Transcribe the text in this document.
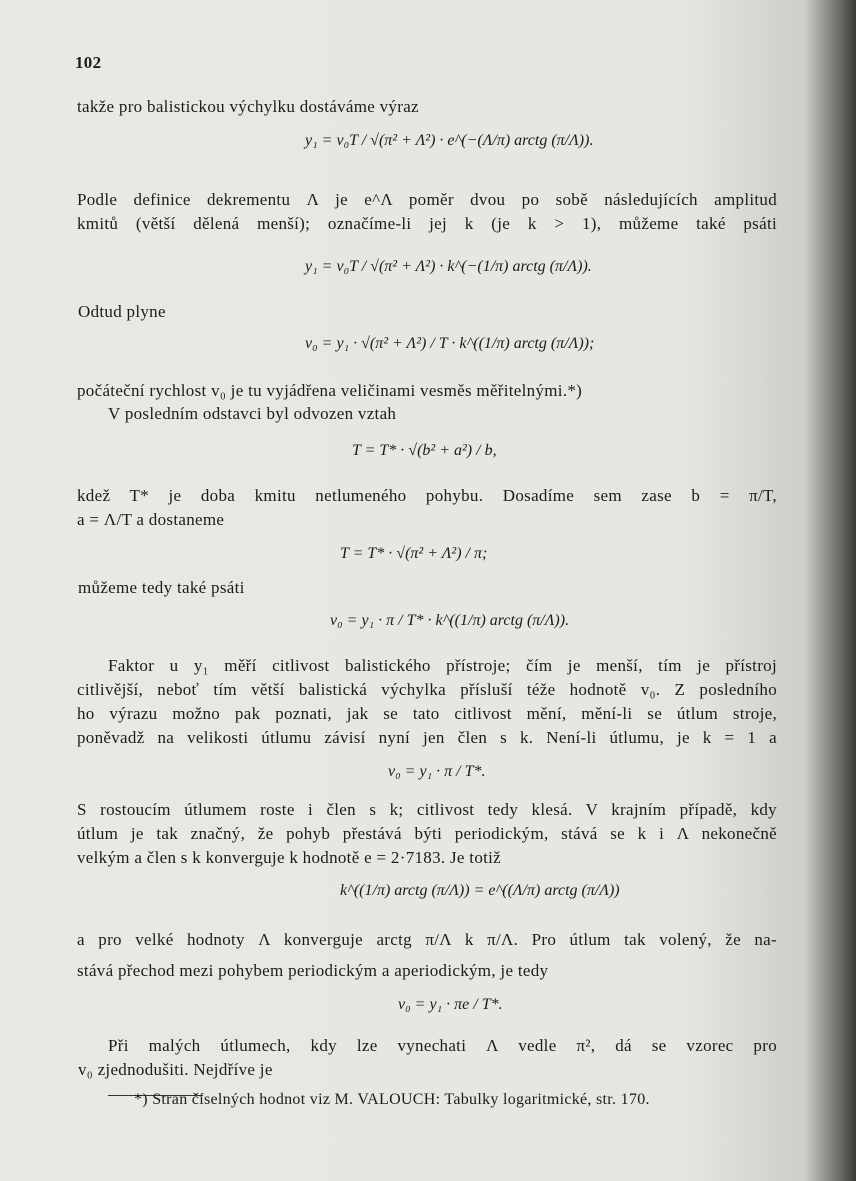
102
takže pro balistickou výchylku dostáváme výraz
y₁ = v₀T / √(π² + Λ²) · e^(−(Λ/π) arctg (π/Λ)).
Podle definice dekrementu Λ je e^Λ poměr dvou po sobě následujících amplitud
kmitů (větší dělená menší); označíme-li jej k (je k > 1), můžeme také psáti
y₁ = v₀T / √(π² + Λ²) · k^(−(1/π) arctg (π/Λ)).
Odtud plyne
v₀ = y₁ · √(π² + Λ²) / T · k^((1/π) arctg (π/Λ));
počáteční rychlost v₀ je tu vyjádřena veličinami vesměs měřitelnými.*)
V posledním odstavci byl odvozen vztah
T = T* · √(b² + a²) / b,
kdež T* je doba kmitu netlumeného pohybu. Dosadíme sem zase b = π/T,
a = Λ/T a dostaneme
T = T* · √(π² + Λ²) / π;
můžeme tedy také psáti
v₀ = y₁ · π / T* · k^((1/π) arctg (π/Λ)).
Faktor u y₁ měří citlivost balistického přístroje; čím je menší, tím je přístroj
citlivější, neboť tím větší balistická výchylka přísluší téže hodnotě v₀. Z posledního
ho výrazu možno pak poznati, jak se tato citlivost mění, mění-li se útlum stroje,
poněvadž na velikosti útlumu závisí nyní jen člen s k. Není-li útlumu, je k = 1 a
v₀ = y₁ · π / T*.
S rostoucím útlumem roste i člen s k; citlivost tedy klesá. V krajním případě, kdy
útlum je tak značný, že pohyb přestává býti periodickým, stává se k i Λ nekonečně
velkým a člen s k konverguje k hodnotě e = 2·7183. Je totiž
k^((1/π) arctg (π/Λ)) = e^((Λ/π) arctg (π/Λ))
a pro velké hodnoty Λ konverguje arctg π/Λ k π/Λ. Pro útlum tak volený, že na-
stává přechod mezi pohybem periodickým a aperiodickým, je tedy
v₀ = y₁ · πe / T*.
Při malých útlumech, kdy lze vynechati Λ vedle π², dá se vzorec pro
v₀ zjednodušiti. Nejdříve je
*) Stran číselných hodnot viz M. VALOUCH: Tabulky logaritmické, str. 170.
